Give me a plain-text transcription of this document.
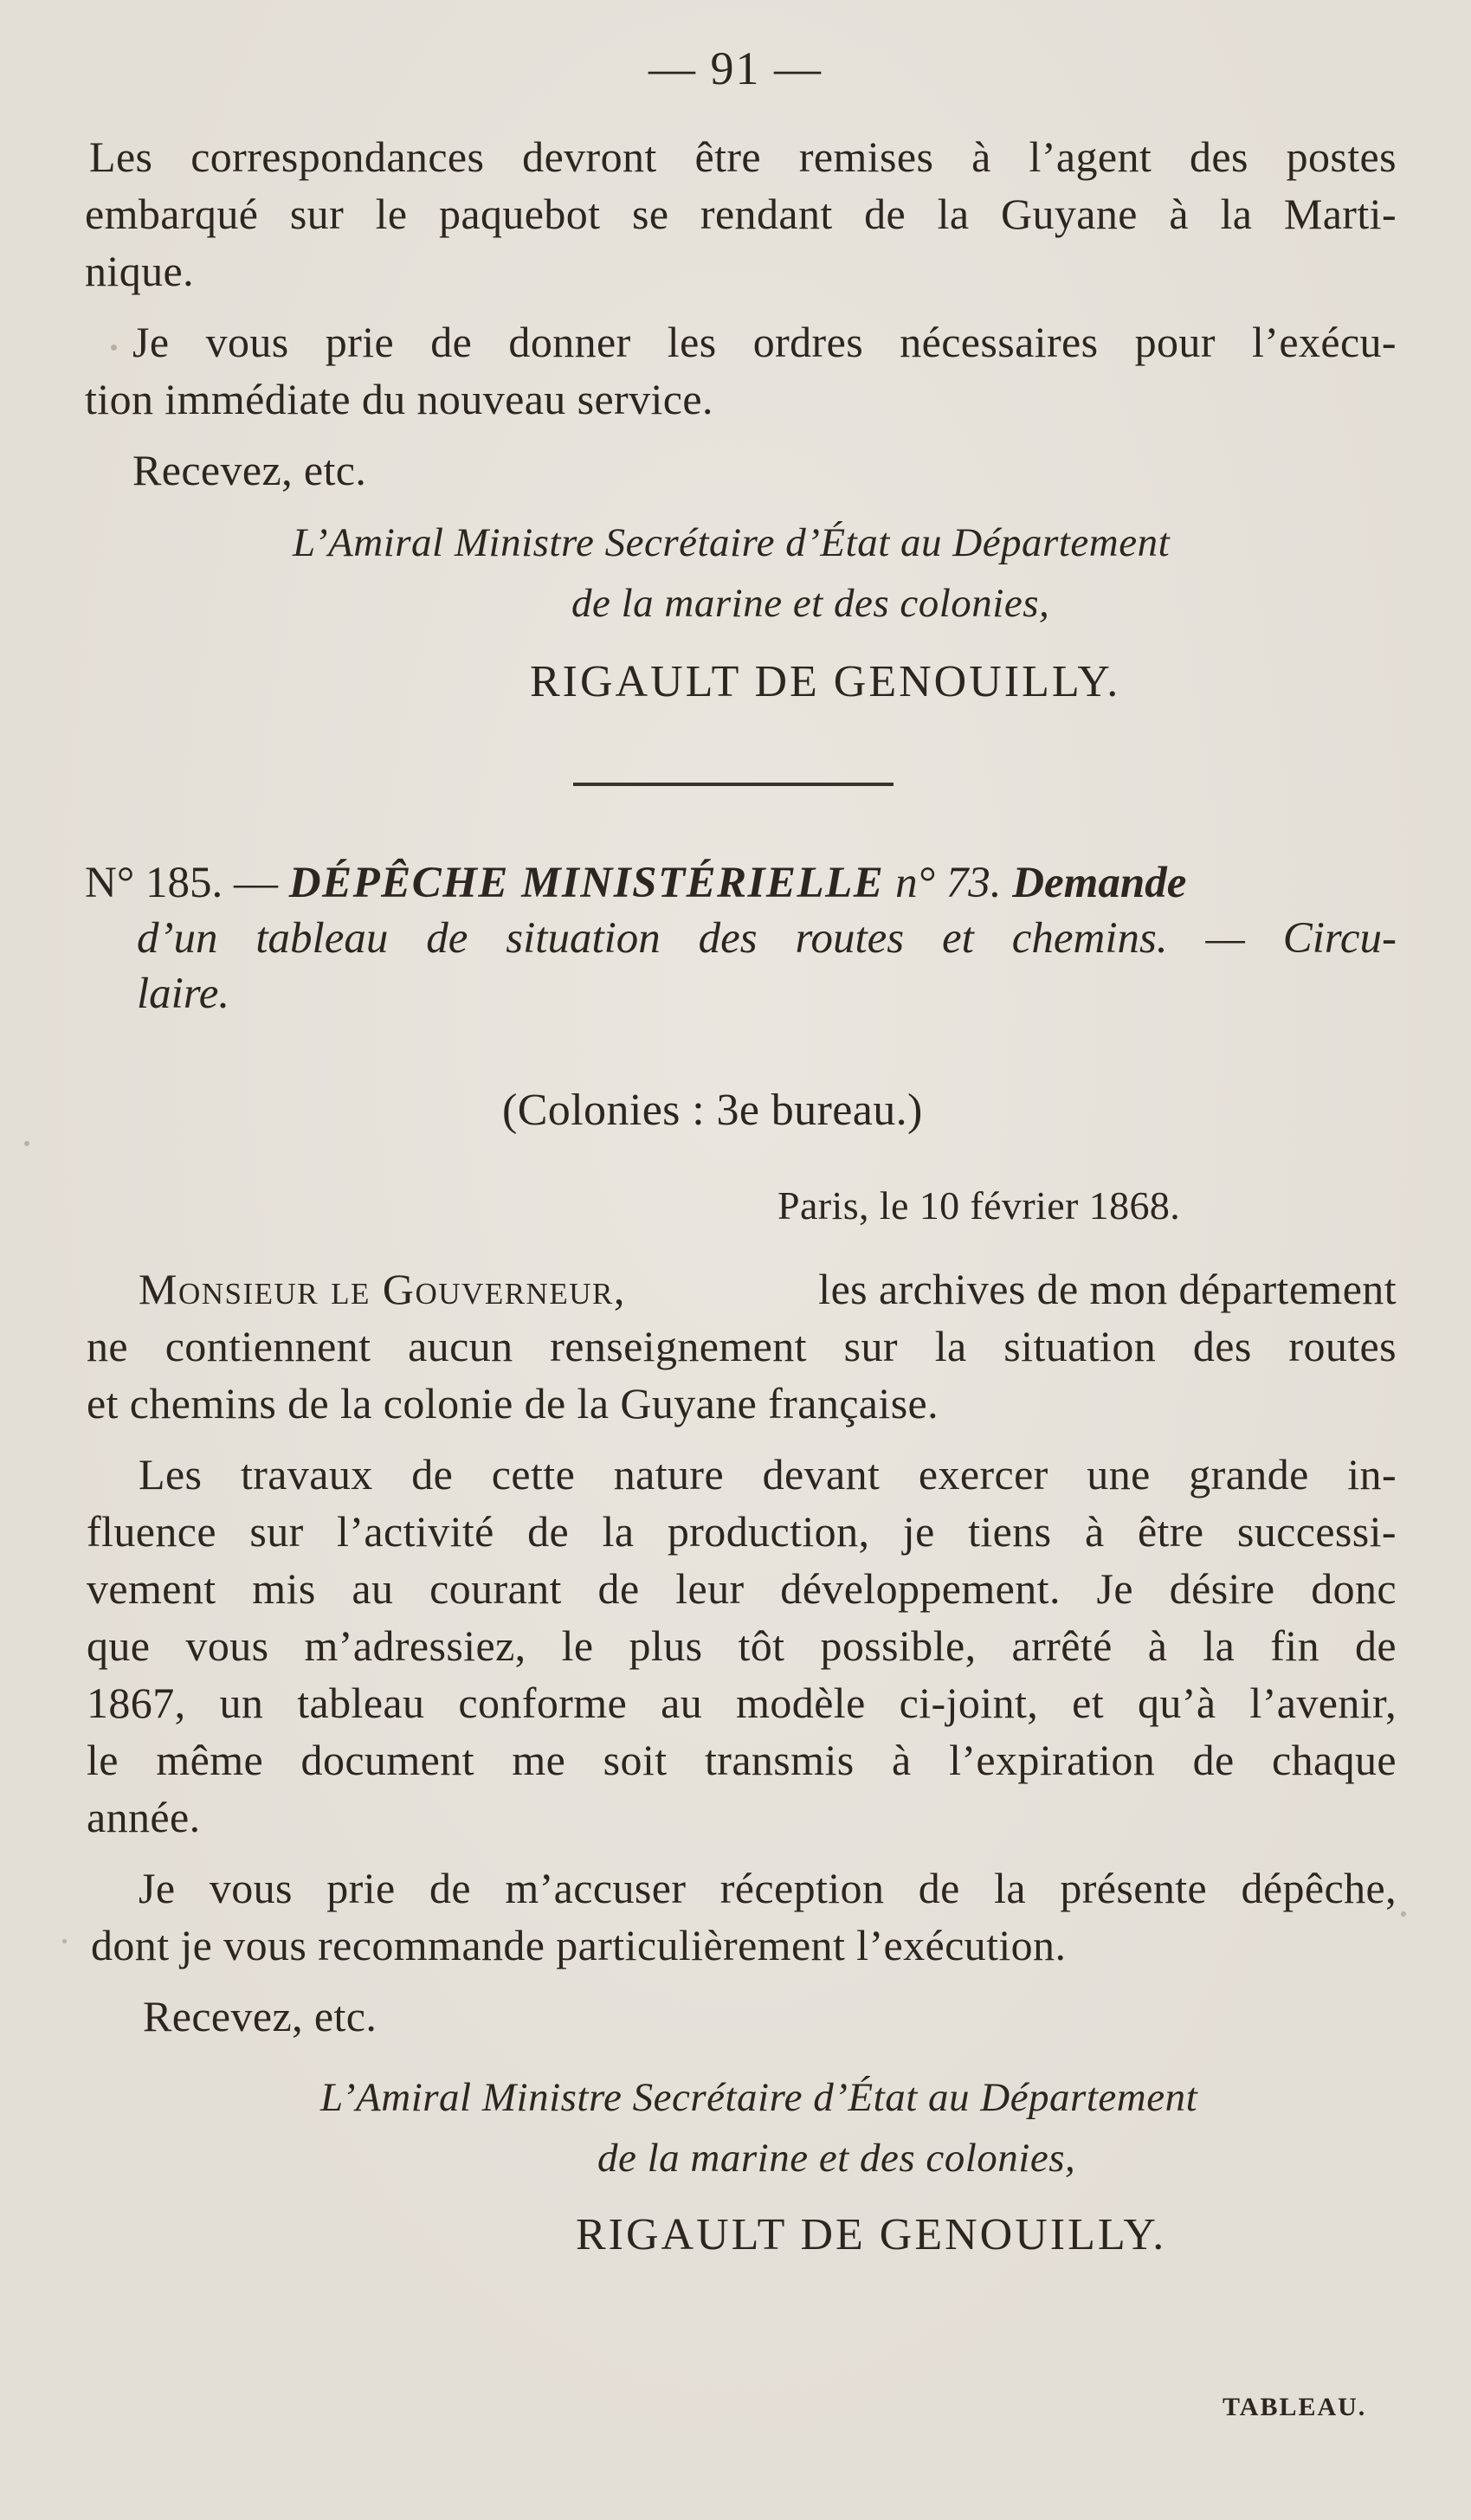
— 91 —
Les correspondances devront être remises à l’agent des postes
embarqué sur le paquebot se rendant de la Guyane à la Marti-
nique.
Je vous prie de donner les ordres nécessaires pour l’exécu-
tion immédiate du nouveau service.
Recevez, etc.
L’Amiral Ministre Secrétaire d’État au Département
de la marine et des colonies,
RIGAULT DE GENOUILLY.
N° 185. — DÉPÊCHE MINISTÉRIELLE n° 73. Demande
d’un tableau de situation des routes et chemins. — Circu-
laire.
(Colonies : 3e bureau.)
Paris, le 10 février 1868.
Monsieur le Gouverneur,	les archives de mon département
ne contiennent aucun renseignement sur la situation des routes
et chemins de la colonie de la Guyane française.
Les travaux de cette nature devant exercer une grande in-
fluence sur l’activité de la production, je tiens à être successi-
vement mis au courant de leur développement. Je désire donc
que vous m’adressiez, le plus tôt possible, arrêté à la fin de
1867, un tableau conforme au modèle ci-joint, et qu’à l’avenir,
le même document me soit transmis à l’expiration de chaque
année.
Je vous prie de m’accuser réception de la présente dépêche,
dont je vous recommande particulièrement l’exécution.
Recevez, etc.
L’Amiral Ministre Secrétaire d’État au Département
de la marine et des colonies,
RIGAULT DE GENOUILLY.
TABLEAU.
